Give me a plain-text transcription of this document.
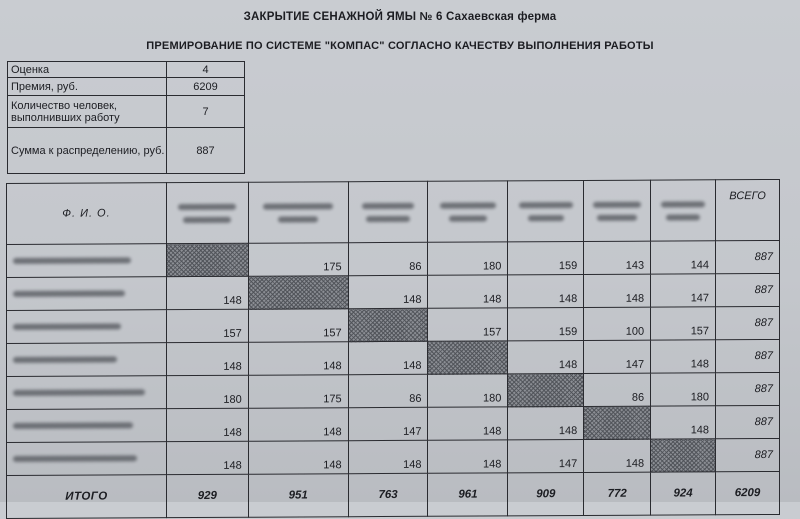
ЗАКРЫТИЕ СЕНАЖНОЙ ЯМЫ № 6 Сахаевская ферма
ПРЕМИРОВАНИЕ ПО СИСТЕМЕ "КОМПАС" СОГЛАСНО КАЧЕСТВУ ВЫПОЛНЕНИЯ РАБОТЫ
Оценка	4
Премия, руб.	6209
Количество человек, выполнивших работу	7
Сумма к распределению, руб.	887
Ф. И. О.								ВСЕГО
		175	86	180	159	143	144	887
	148		148	148	148	148	147	887
	157	157		157	159	100	157	887
	148	148	148		148	147	148	887
	180	175	86	180		86	180	887
	148	148	147	148	148		148	887
	148	148	148	148	147	148		887
ИТОГО	929	951	763	961	909	772	924	6209
